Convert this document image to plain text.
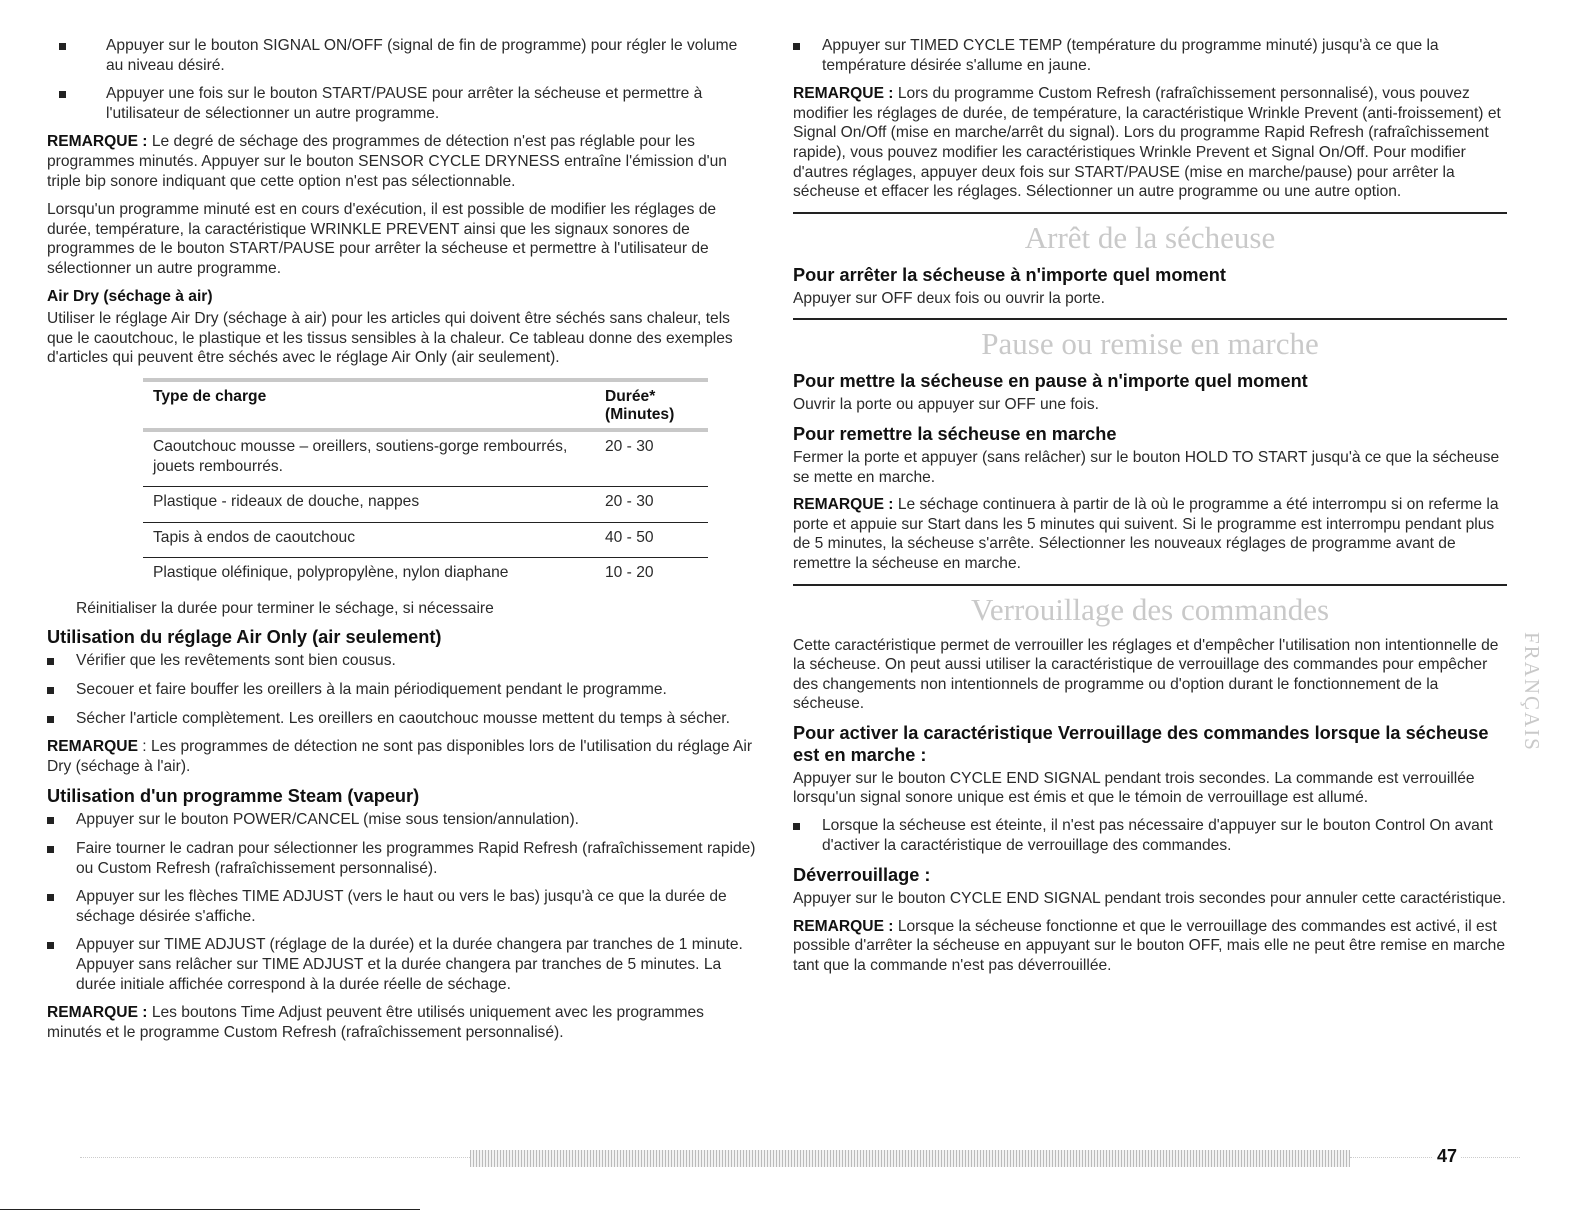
Appuyer sur le bouton SIGNAL ON/OFF (signal de fin de programme) pour régler le volume au niveau désiré.

Appuyer une fois sur le bouton START/PAUSE pour arrêter la sécheuse et permettre à l'utilisateur de sélectionner un autre programme.

REMARQUE : Le degré de séchage des programmes de détection n'est pas réglable pour les programmes minutés. Appuyer sur le bouton SENSOR CYCLE DRYNESS entraîne l'émission d'un triple bip sonore indiquant que cette option n'est pas sélectionnable.

Lorsqu'un programme minuté est en cours d'exécution, il est possible de modifier les réglages de durée, température, la caractéristique WRINKLE PREVENT ainsi que les signaux sonores de programmes de le bouton START/PAUSE pour arrêter la sécheuse et permettre à l'utilisateur de sélectionner un autre programme.

Air Dry (séchage à air)

Utiliser le réglage Air Dry (séchage à air) pour les articles qui doivent être séchés sans chaleur, tels que le caoutchouc, le plastique et les tissus sensibles à la chaleur. Ce tableau donne des exemples d'articles qui peuvent être séchés avec le réglage Air Only (air seulement).

Type de charge	Durée*
(Minutes)
Caoutchouc mousse – oreillers, soutiens-gorge rembourrés, jouets rembourrés.	20 - 30
Plastique - rideaux de douche, nappes	20 - 30
Tapis à endos de caoutchouc	40 - 50
Plastique oléfinique, polypropylène, nylon diaphane	10 - 20

Réinitialiser la durée pour terminer le séchage, si nécessaire

Utilisation du réglage Air Only (air seulement)

Vérifier que les revêtements sont bien cousus.

Secouer et faire bouffer les oreillers à la main périodiquement pendant le programme.

Sécher l'article complètement. Les oreillers en caoutchouc mousse mettent du temps à sécher.

REMARQUE : Les programmes de détection ne sont pas disponibles lors de l'utilisation du réglage Air Dry (séchage à l'air).

Utilisation d'un programme Steam (vapeur)

Appuyer sur le bouton POWER/CANCEL (mise sous tension/annulation).

Faire tourner le cadran pour sélectionner les programmes Rapid Refresh (rafraîchissement rapide) ou Custom Refresh (rafraîchissement personnalisé).

Appuyer sur les flèches TIME ADJUST (vers le haut ou vers le bas) jusqu'à ce que la durée de séchage désirée s'affiche.

Appuyer sur TIME ADJUST (réglage de la durée) et la durée changera par tranches de 1 minute. Appuyer sans relâcher sur TIME ADJUST et la durée changera par tranches de 5 minutes. La durée initiale affichée correspond à la durée réelle de séchage.

REMARQUE : Les boutons Time Adjust peuvent être utilisés uniquement avec les programmes minutés et le programme Custom Refresh (rafraîchissement personnalisé).

Appuyer sur TIMED CYCLE TEMP (température du programme minuté) jusqu'à ce que la température désirée s'allume en jaune.

REMARQUE : Lors du programme Custom Refresh (rafraîchissement personnalisé), vous pouvez modifier les réglages de durée, de température, la caractéristique Wrinkle Prevent (anti-froissement) et Signal On/Off (mise en marche/arrêt du signal). Lors du programme Rapid Refresh (rafraîchissement rapide), vous pouvez modifier les caractéristiques Wrinkle Prevent et Signal On/Off. Pour modifier d'autres réglages, appuyer deux fois sur START/PAUSE (mise en marche/pause) pour arrêter la sécheuse et effacer les réglages. Sélectionner un autre programme ou une autre option.

Arrêt de la sécheuse

Pour arrêter la sécheuse à n'importe quel moment

Appuyer sur OFF deux fois ou ouvrir la porte.

Pause ou remise en marche

Pour mettre la sécheuse en pause à n'importe quel moment

Ouvrir la porte ou appuyer sur OFF une fois.

Pour remettre la sécheuse en marche

Fermer la porte et appuyer (sans relâcher) sur le bouton HOLD TO START jusqu'à ce que la sécheuse se mette en marche.

REMARQUE : Le séchage continuera à partir de là où le programme a été interrompu si on referme la porte et appuie sur Start dans les 5 minutes qui suivent. Si le programme est interrompu pendant plus de 5 minutes, la sécheuse s'arrête. Sélectionner les nouveaux réglages de programme avant de remettre la sécheuse en marche.

Verrouillage des commandes

Cette caractéristique permet de verrouiller les réglages et d'empêcher l'utilisation non intentionnelle de la sécheuse. On peut aussi utiliser la caractéristique de verrouillage des commandes pour empêcher des changements non intentionnels de programme ou d'option durant le fonctionnement de la sécheuse.

Pour activer la caractéristique Verrouillage des commandes lorsque la sécheuse est en marche :

Appuyer sur le bouton CYCLE END SIGNAL pendant trois secondes. La commande est verrouillée lorsqu'un signal sonore unique est émis et que le témoin de verrouillage est allumé.

Lorsque la sécheuse est éteinte, il n'est pas nécessaire d'appuyer sur le bouton Control On avant d'activer la caractéristique de verrouillage des commandes.

Déverrouillage :

Appuyer sur le bouton CYCLE END SIGNAL pendant trois secondes pour annuler cette caractéristique.

REMARQUE : Lorsque la sécheuse fonctionne et que le verrouillage des commandes est activé, il est possible d'arrêter la sécheuse en appuyant sur le bouton OFF, mais elle ne peut être remise en marche tant que la commande n'est pas déverrouillée.

FRANÇAIS
47
